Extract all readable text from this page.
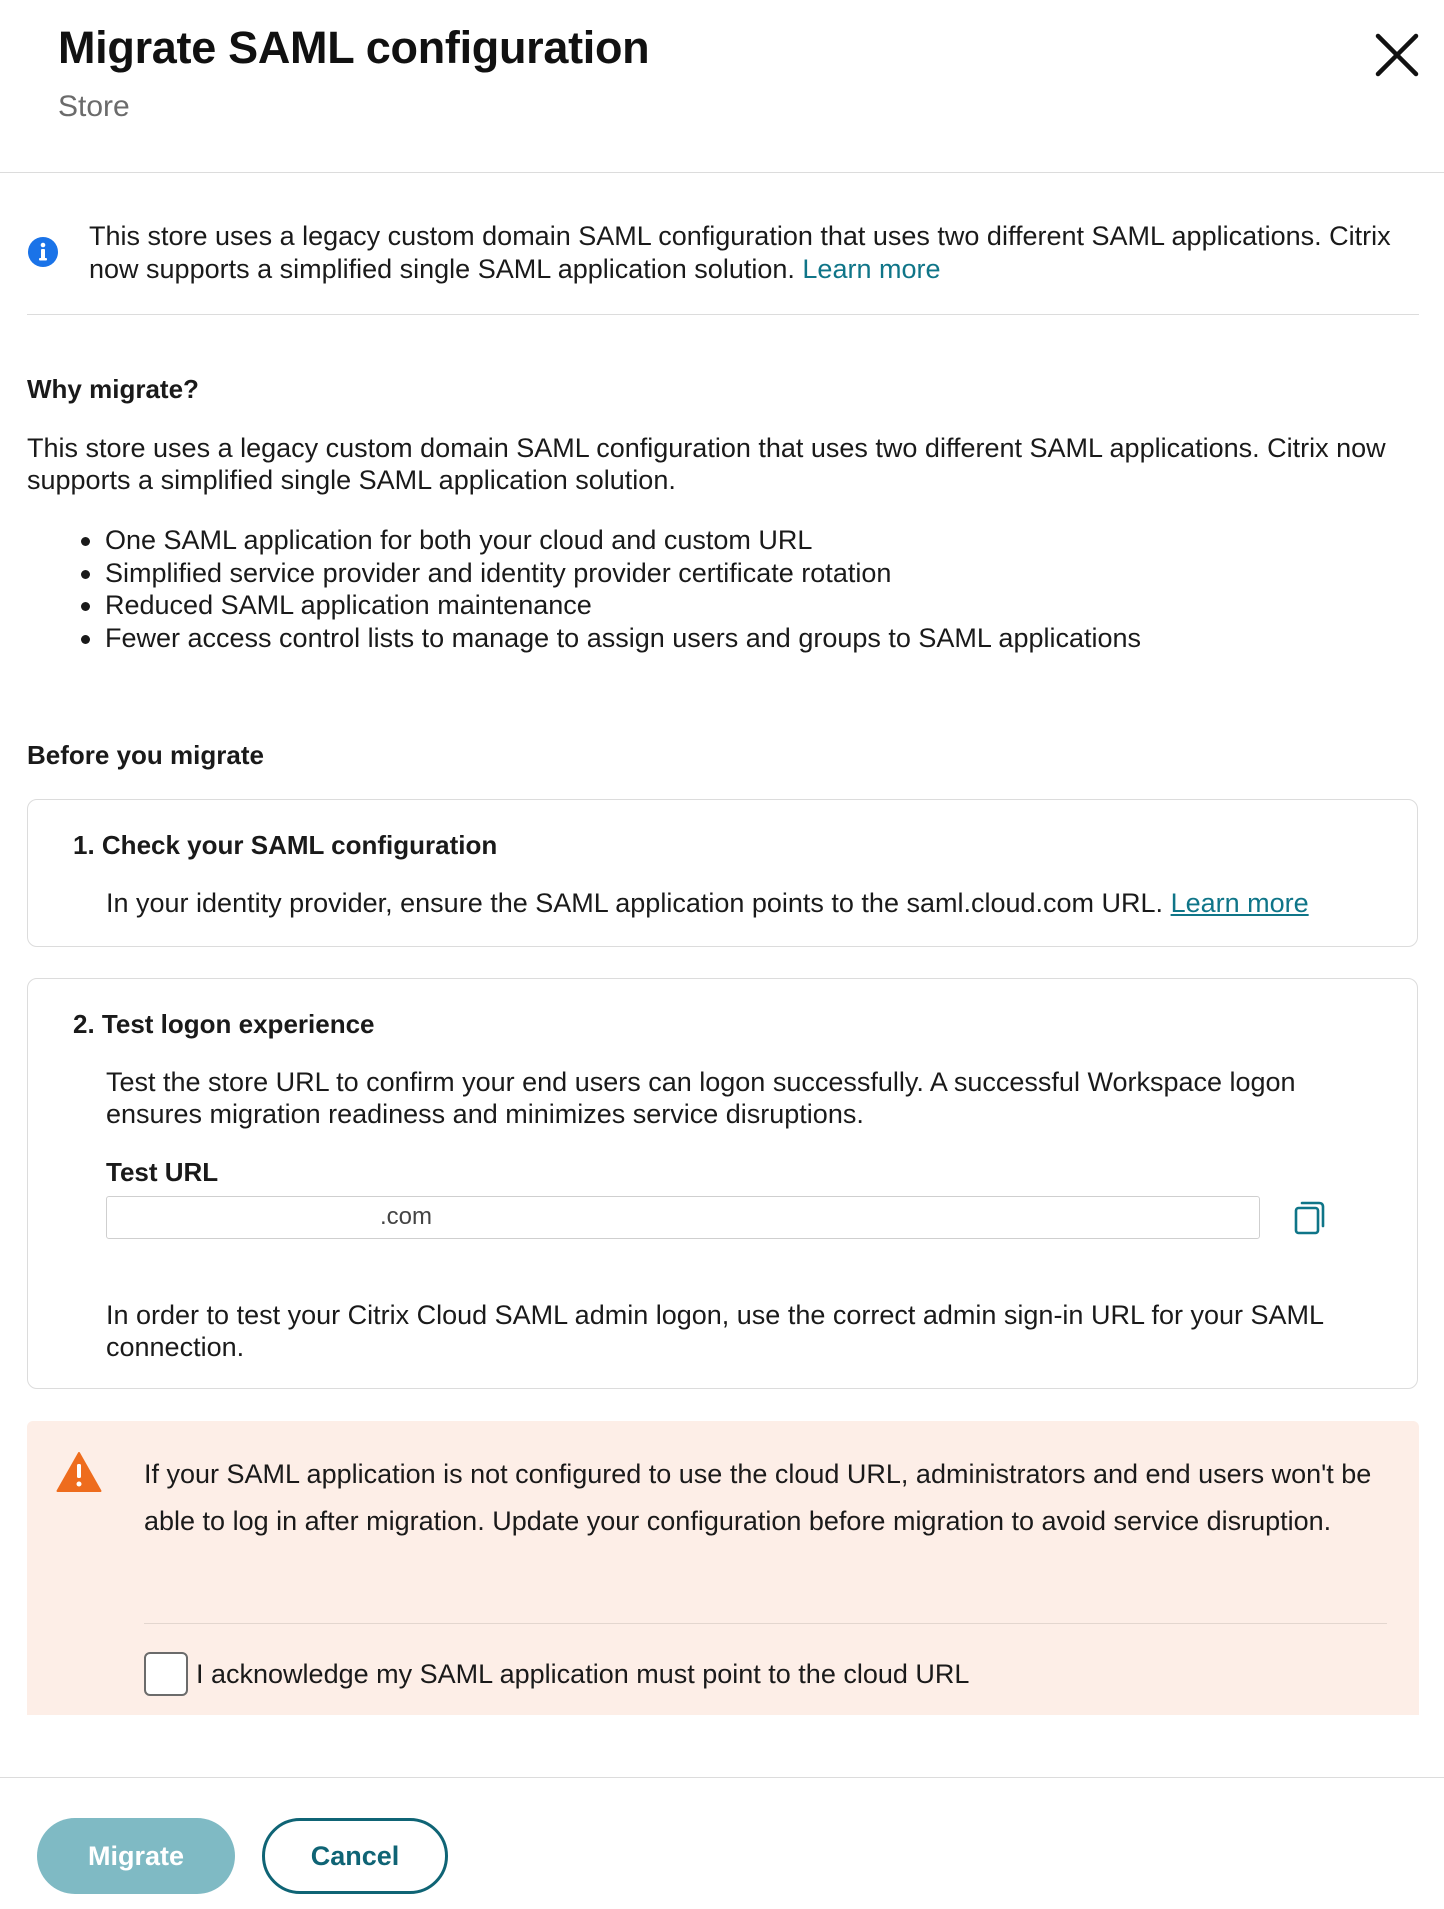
Migrate SAML configuration
Store
This store uses a legacy custom domain SAML configuration that uses two different SAML applications. Citrix now supports a simplified single SAML application solution. Learn more
Why migrate?
This store uses a legacy custom domain SAML configuration that uses two different SAML applications. Citrix now supports a simplified single SAML application solution.
One SAML application for both your cloud and custom URL
Simplified service provider and identity provider certificate rotation
Reduced SAML application maintenance
Fewer access control lists to manage to assign users and groups to SAML applications
Before you migrate
1. Check your SAML configuration
In your identity provider, ensure the SAML application points to the saml.cloud.com URL. Learn more
2. Test logon experience
Test the store URL to confirm your end users can logon successfully. A successful Workspace logon ensures migration readiness and minimizes service disruptions.
Test URL
.com
In order to test your Citrix Cloud SAML admin logon, use the correct admin sign-in URL for your SAML connection.
If your SAML application is not configured to use the cloud URL, administrators and end users won't be able to log in after migration. Update your configuration before migration to avoid service disruption.
I acknowledge my SAML application must point to the cloud URL
Migrate	Cancel
